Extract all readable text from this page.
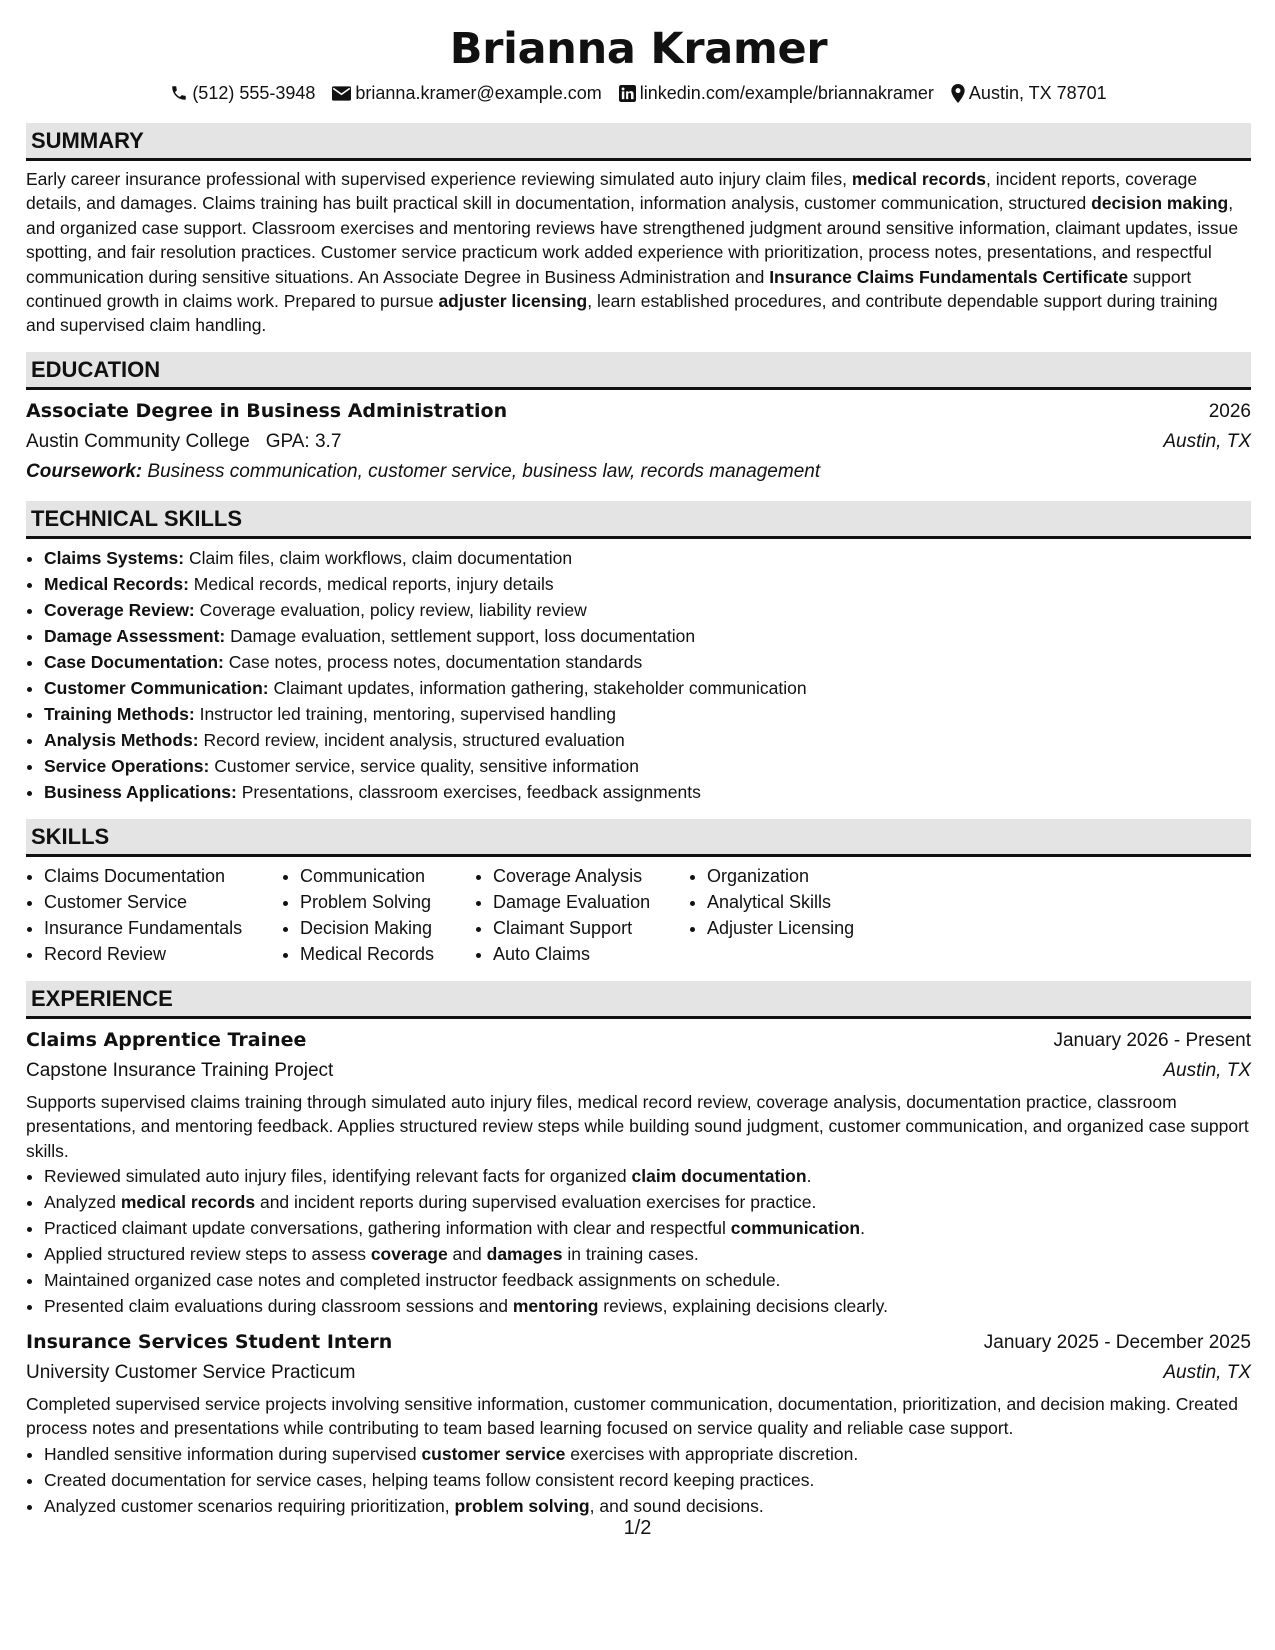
Brianna Kramer
(512) 555-3948 brianna.kramer@example.com linkedin.com/example/briannakramer Austin, TX 78701
SUMMARY

Early career insurance professional with supervised experience reviewing simulated auto injury claim files, medical records, incident reports, coverage details, and damages. Claims training has built practical skill in documentation, information analysis, customer communication, structured decision making, and organized case support. Classroom exercises and mentoring reviews have strengthened judgment around sensitive information, claimant updates, issue spotting, and fair resolution practices. Customer service practicum work added experience with prioritization, process notes, presentations, and respectful communication during sensitive situations. An Associate Degree in Business Administration and Insurance Claims Fundamentals Certificate support continued growth in claims work. Prepared to pursue adjuster licensing, learn established procedures, and contribute dependable support during training and supervised claim handling.

EDUCATION
Associate Degree in Business Administration	2026
Austin Community College GPA: 3.7	Austin, TX
Coursework: Business communication, customer service, business law, records management
TECHNICAL SKILLS
• Claims Systems: Claim files, claim workflows, claim documentation
• Medical Records: Medical records, medical reports, injury details
• Coverage Review: Coverage evaluation, policy review, liability review
• Damage Assessment: Damage evaluation, settlement support, loss documentation
• Case Documentation: Case notes, process notes, documentation standards
• Customer Communication: Claimant updates, information gathering, stakeholder communication
• Training Methods: Instructor led training, mentoring, supervised handling
• Analysis Methods: Record review, incident analysis, structured evaluation
• Service Operations: Customer service, service quality, sensitive information
• Business Applications: Presentations, classroom exercises, feedback assignments
SKILLS
• Claims Documentation
• Customer Service
• Insurance Fundamentals
• Record Review
• Communication
• Problem Solving
• Decision Making
• Medical Records
• Coverage Analysis
• Damage Evaluation
• Claimant Support
• Auto Claims
• Organization
• Analytical Skills
• Adjuster Licensing
EXPERIENCE
Claims Apprentice Trainee	January 2026 - Present
Capstone Insurance Training Project	Austin, TX

Supports supervised claims training through simulated auto injury files, medical record review, coverage analysis, documentation practice, classroom presentations, and mentoring feedback. Applies structured review steps while building sound judgment, customer communication, and organized case support skills.

• Reviewed simulated auto injury files, identifying relevant facts for organized claim documentation.
• Analyzed medical records and incident reports during supervised evaluation exercises for practice.
• Practiced claimant update conversations, gathering information with clear and respectful communication.
• Applied structured review steps to assess coverage and damages in training cases.
• Maintained organized case notes and completed instructor feedback assignments on schedule.
• Presented claim evaluations during classroom sessions and mentoring reviews, explaining decisions clearly.
Insurance Services Student Intern	January 2025 - December 2025
University Customer Service Practicum	Austin, TX

Completed supervised service projects involving sensitive information, customer communication, documentation, prioritization, and decision making. Created process notes and presentations while contributing to team based learning focused on service quality and reliable case support.

• Handled sensitive information during supervised customer service exercises with appropriate discretion.
• Created documentation for service cases, helping teams follow consistent record keeping practices.
• Analyzed customer scenarios requiring prioritization, problem solving, and sound decisions.
1/2
